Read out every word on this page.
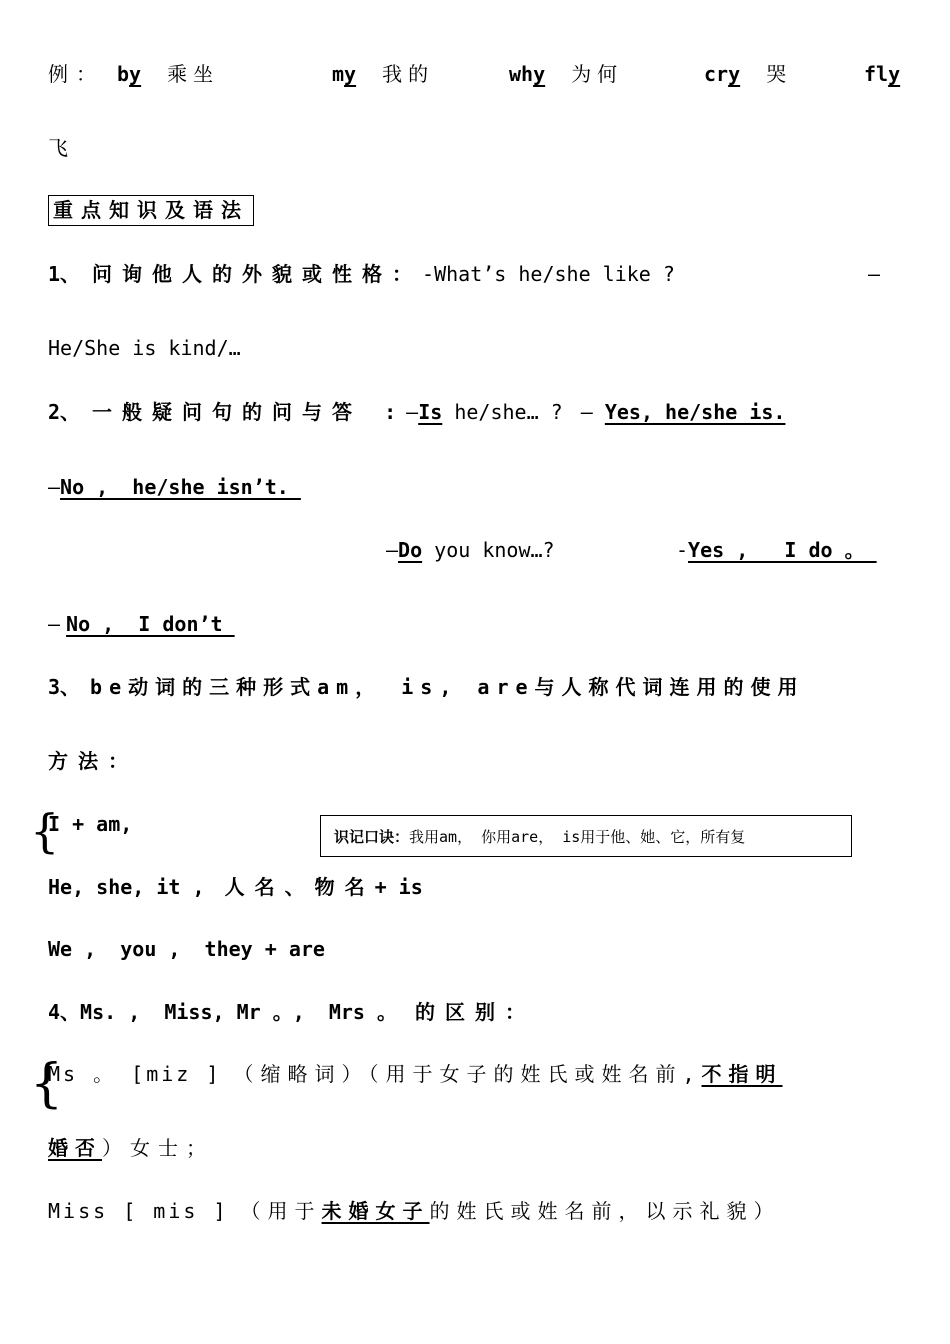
例： by 乘坐	my 我的	why 为何	cry 哭	fly
飞
重点知识及语法
1、 问询他人的外貌或性格：-What’s he/she like ?	—
He/She is kind/…
2、 一般疑问句的问与答 :—Is he/she… ? — Yes, he/she is.
—No ,  he/she isn’t.
—Do you know…?	-Yes ,   I do 。
— No ,  I don’t
3、 be动词的三种形式am， is, are与人称代词连用的使用
方法：
{
I + am,
识记口诀：我用am， 你用are， is用于他、她、它，所有复
He, she, it , 人名、物名+ is
We ,  you ,  they + are
4、Ms. ,  Miss, Mr 。,  Mrs 。 的区别：
{
Ms 。 [miz ] （缩略词）（用于女子的姓氏或姓名前,不指明
婚否）女士；
Miss [ mis ] （用于未婚女子的姓氏或姓名前，以示礼貌）
